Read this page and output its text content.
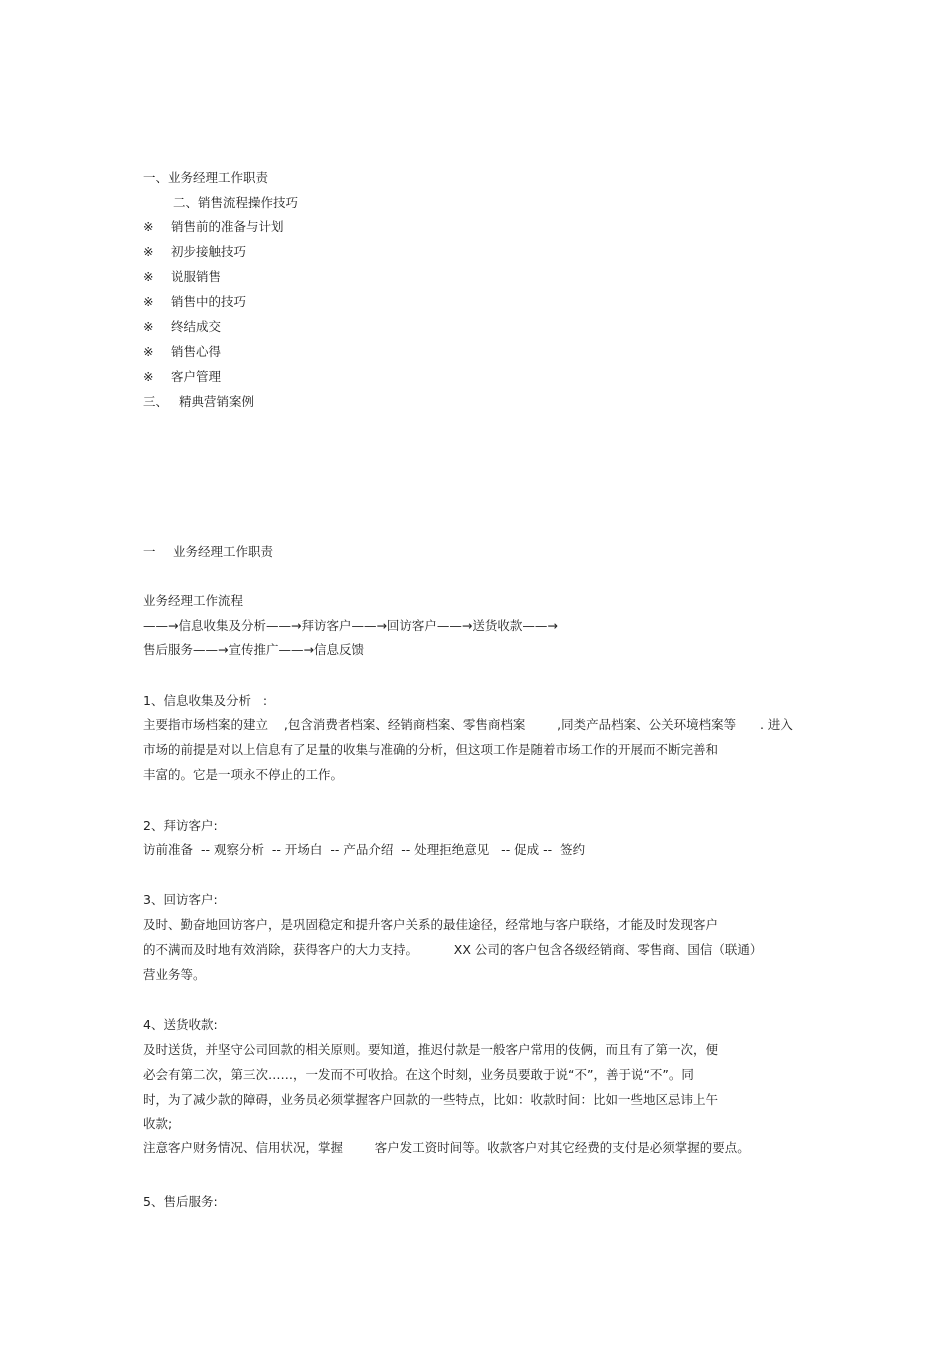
一、业务经理工作职责
二、销售流程操作技巧
※ 销售前的准备与计划
※ 初步接触技巧
※ 说服销售
※ 销售中的技巧
※ 终结成交
※ 销售心得
※ 客户管理
三、 精典营销案例
一 业务经理工作职责
业务经理工作流程
——→信息收集及分析——→拜访客户——→回访客户——→送货收款——→
售后服务——→宣传推广——→信息反馈
1、信息收集及分析   :
主要指市场档案的建立    ,包含消费者档案、经销商档案、零售商档案        ,同类产品档案、公关环境档案等      . 进入
市场的前提是对以上信息有了足量的收集与准确的分析，但这项工作是随着市场工作的开展而不断完善和
丰富的。它是一项永不停止的工作。
2、拜访客户:
访前准备  -- 观察分析  -- 开场白  -- 产品介绍  -- 处理拒绝意见   -- 促成 --  签约
3、回访客户:
及时、勤奋地回访客户，是巩固稳定和提升客户关系的最佳途径，经常地与客户联络，才能及时发现客户
的不满而及时地有效消除，获得客户的大力支持。         XX 公司的客户包含各级经销商、零售商、国信（联通）
营业务等。
4、送货收款:
及时送货，并坚守公司回款的相关原则。要知道，推迟付款是一般客户常用的伎俩，而且有了第一次，便
必会有第二次，第三次……，一发而不可收拾。在这个时刻，业务员要敢于说“不”，善于说“不”。同
时，为了减少款的障碍，业务员必须掌握客户回款的一些特点，比如：收款时间：比如一些地区忌讳上午
收款;
注意客户财务情况、信用状况，掌握        客户发工资时间等。收款客户对其它经费的支付是必须掌握的要点。
5、售后服务:
